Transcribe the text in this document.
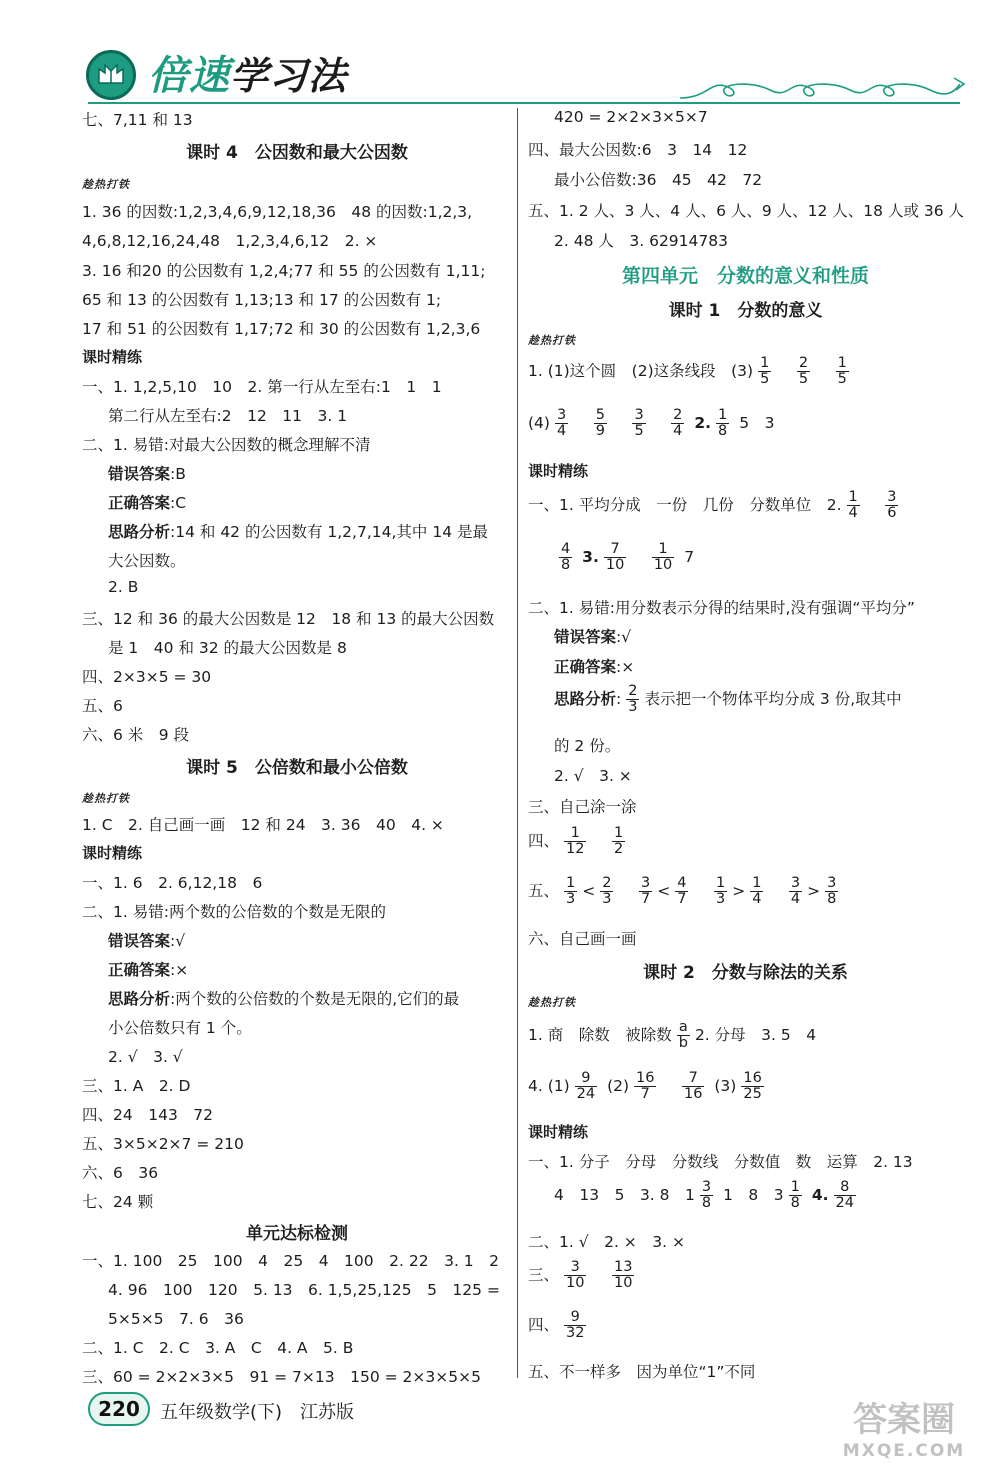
倍速学习法
七、7,11 和 13
课时 4　公因数和最大公因数
趁热打铁
1. 36 的因数:1,2,3,4,6,9,12,18,36　48 的因数:1,2,3,
4,6,8,12,16,24,48　1,2,3,4,6,12　2. ×
3. 16 和20 的公因数有 1,2,4;77 和 55 的公因数有 1,11;
65 和 13 的公因数有 1,13;13 和 17 的公因数有 1;
17 和 51 的公因数有 1,17;72 和 30 的公因数有 1,2,3,6
课时精练
一、1. 1,2,5,10　10　2. 第一行从左至右:1　1　1
第二行从左至右:2　12　11　3. 1
二、1. 易错:对最大公因数的概念理解不清
错误答案:B
正确答案:C
思路分析:14 和 42 的公因数有 1,2,7,14,其中 14 是最
大公因数。
2. B
三、12 和 36 的最大公因数是 12　18 和 13 的最大公因数
是 1　40 和 32 的最大公因数是 8
四、2×3×5 = 30
五、6
六、6 米　9 段
课时 5　公倍数和最小公倍数
趁热打铁
1. C　2. 自己画一画　12 和 24　3. 36　40　4. ×
课时精练
一、1. 6　2. 6,12,18　6
二、1. 易错:两个数的公倍数的个数是无限的
错误答案:√
正确答案:×
思路分析:两个数的公倍数的个数是无限的,它们的最
小公倍数只有 1 个。
2. √　3. √
三、1. A　2. D
四、24　143　72
五、3×5×2×7 = 210
六、6　36
七、24 颗
单元达标检测
一、1. 100　25　100　4　25　4　100　2. 22　3. 1　2
4. 96　100　120　5. 13　6. 1,5,25,125　5　125 =
5×5×5　7. 6　36
二、1. C　2. C　3. A　C　4. A　5. B
三、60 = 2×2×3×5　91 = 7×13　150 = 2×3×5×5
420 = 2×2×3×5×7
四、最大公因数:6　3　14　12
最小公倍数:36　45　42　72
五、1. 2 人、3 人、4 人、6 人、9 人、12 人、18 人或 36 人
2. 48 人　3. 62914783
第四单元　分数的意义和性质
课时 1　分数的意义
趁热打铁
1. (1)这个圆　(2)这条线段　$(3) \frac{1}{5}$
  $\frac{2}{5}$
  $\frac{1}{5}$
$(4) \frac{3}{4}$
  $\frac{5}{9}$
  $\frac{3}{5}$
  $\frac{2}{4} 2$. $\frac{1}{8} 5$　3
课时精练
一、1. 平均分成　一份　几份　分数单位　2. $\frac{1}{4}$
  $\frac{3}{6}$
$\frac{4}{8} 3$. $\frac{7}{10}$
  $\frac{1}{10} 7$
二、1. 易错:用分数表示分得的结果时,没有强调“平均分”
错误答案:√
正确答案:×
思路分析: $\frac{2}{3}$ 表示把一个物体平均分成 3 份,取其中
的 2 份。
2. √　3. ×
三、自己涂一涂
四、 $\frac{1}{12}$
  $\frac{1}{2}$
五、 $\frac{1}{3} < \frac{2}{3}$
  $\frac{3}{7} < \frac{4}{7}$
  $\frac{1}{3} > \frac{1}{4}$
  $\frac{3}{4} > \frac{3}{8}$
六、自己画一画
课时 2　分数与除法的关系
趁热打铁
1. 商　除数　被除数 $\frac{a}{b} 2$. 分母　3. 5　4
4. $(1) \frac{9}{24} (2) \frac{16}{7}$
  $\frac{7}{16} (3) \frac{16}{25}$
课时精练
一、1. 分子　分母　分数线　分数值　数　运算　2. 13
4　13　5　3. 8　$1 \frac{3}{8} 1$　8　$3 \frac{1}{8} 4$. $\frac{8}{24}$
二、1. √　2. ×　3. ×
三、 $\frac{3}{10}$
  $\frac{13}{10}$
四、 $\frac{9}{32}$
五、不一样多　因为单位“1”不同
220	五年级数学(下)　江苏版	答案圈
MXQE.COM
